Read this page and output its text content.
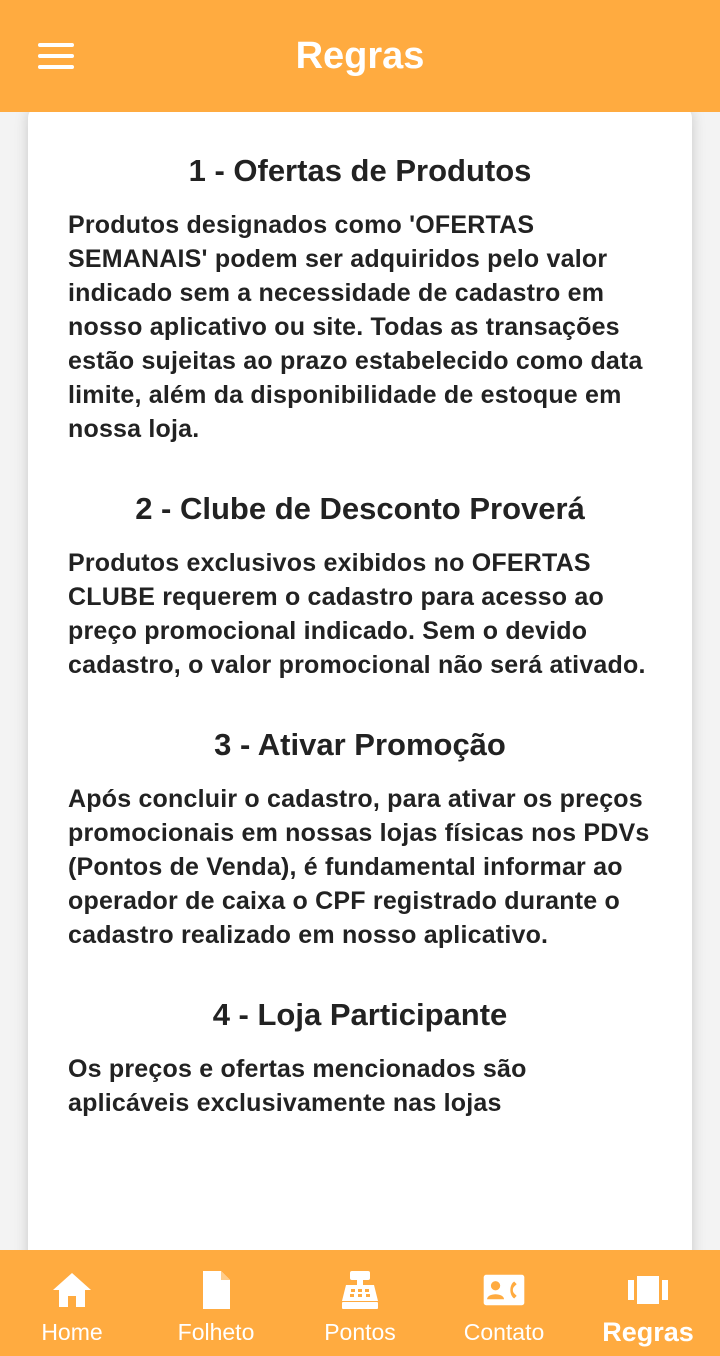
Regras
1 - Ofertas de Produtos

Produtos designados como 'OFERTAS SEMANAIS' podem ser adquiridos pelo valor indicado sem a necessidade de cadastro em nosso aplicativo ou site. Todas as transações estão sujeitas ao prazo estabelecido como data limite, além da disponibilidade de estoque em nossa loja.

2 - Clube de Desconto Proverá

Produtos exclusivos exibidos no OFERTAS CLUBE requerem o cadastro para acesso ao preço promocional indicado. Sem o devido cadastro, o valor promocional não será ativado.

3 - Ativar Promoção

Após concluir o cadastro, para ativar os preços promocionais em nossas lojas físicas nos PDVs (Pontos de Venda), é fundamental informar ao operador de caixa o CPF registrado durante o cadastro realizado em nosso aplicativo.

4 - Loja Participante

Os preços e ofertas mencionados são aplicáveis exclusivamente nas lojas

Home	Folheto	Pontos	Contato Regras
